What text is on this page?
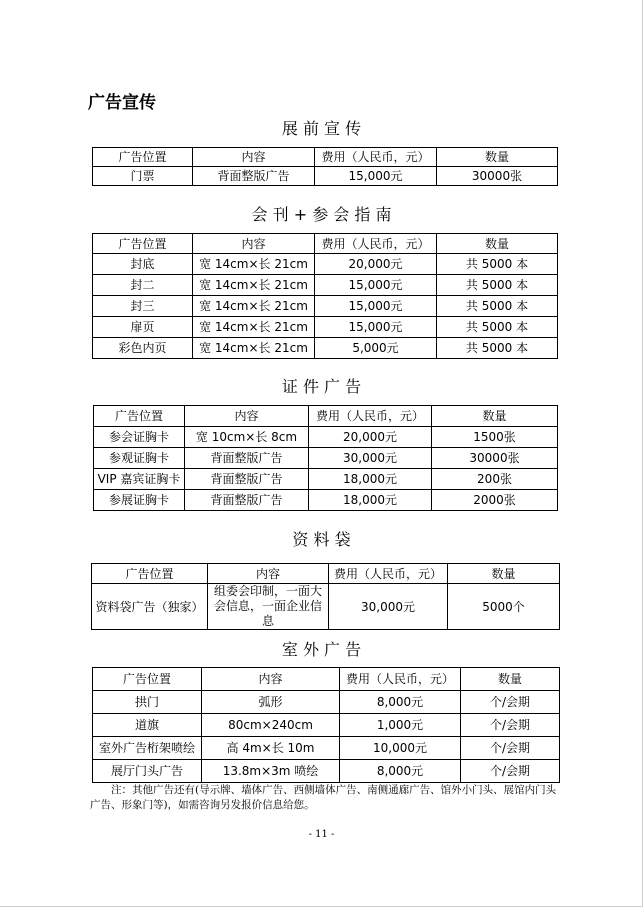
广告宣传
展 前 宣 传
广告位置	内容	费用（人民币，元）	数量
门票	背面整版广告	15,000元	30000张
会 刊 + 参 会 指 南
广告位置	内容	费用（人民币，元）	数量
封底	宽 14cm×长 21cm	20,000元	共 5000 本
封二	宽 14cm×长 21cm	15,000元	共 5000 本
封三	宽 14cm×长 21cm	15,000元	共 5000 本
扉页	宽 14cm×长 21cm	15,000元	共 5000 本
彩色内页	宽 14cm×长 21cm	5,000元	共 5000 本
证 件 广 告
广告位置	内容	费用（人民币，元）	数量
参会证胸卡	宽 10cm×长 8cm	20,000元	1500张
参观证胸卡	背面整版广告	30,000元	30000张
VIP 嘉宾证胸卡	背面整版广告	18,000元	200张
参展证胸卡	背面整版广告	18,000元	2000张
资 料 袋
广告位置	内容	费用（人民币，元）	数量
资料袋广告（独家）	组委会印制，一面大会信息，一面企业信息	30,000元	5000个
室 外 广 告
广告位置	内容	费用（人民币，元）	数量
拱门	弧形	8,000元	个/会期
道旗	80cm×240cm	1,000元	个/会期
室外广告桁架喷绘	高 4m×长 10m	10,000元	个/会期
展厅门头广告	13.8m×3m 喷绘	8,000元	个/会期
注：其他广告还有(导示牌、墙体广告、西侧墙体广告、南侧通廊广告、馆外小门头、展馆内门头广告、形象门等)，如需咨询另发报价信息给您。
- 11 -
